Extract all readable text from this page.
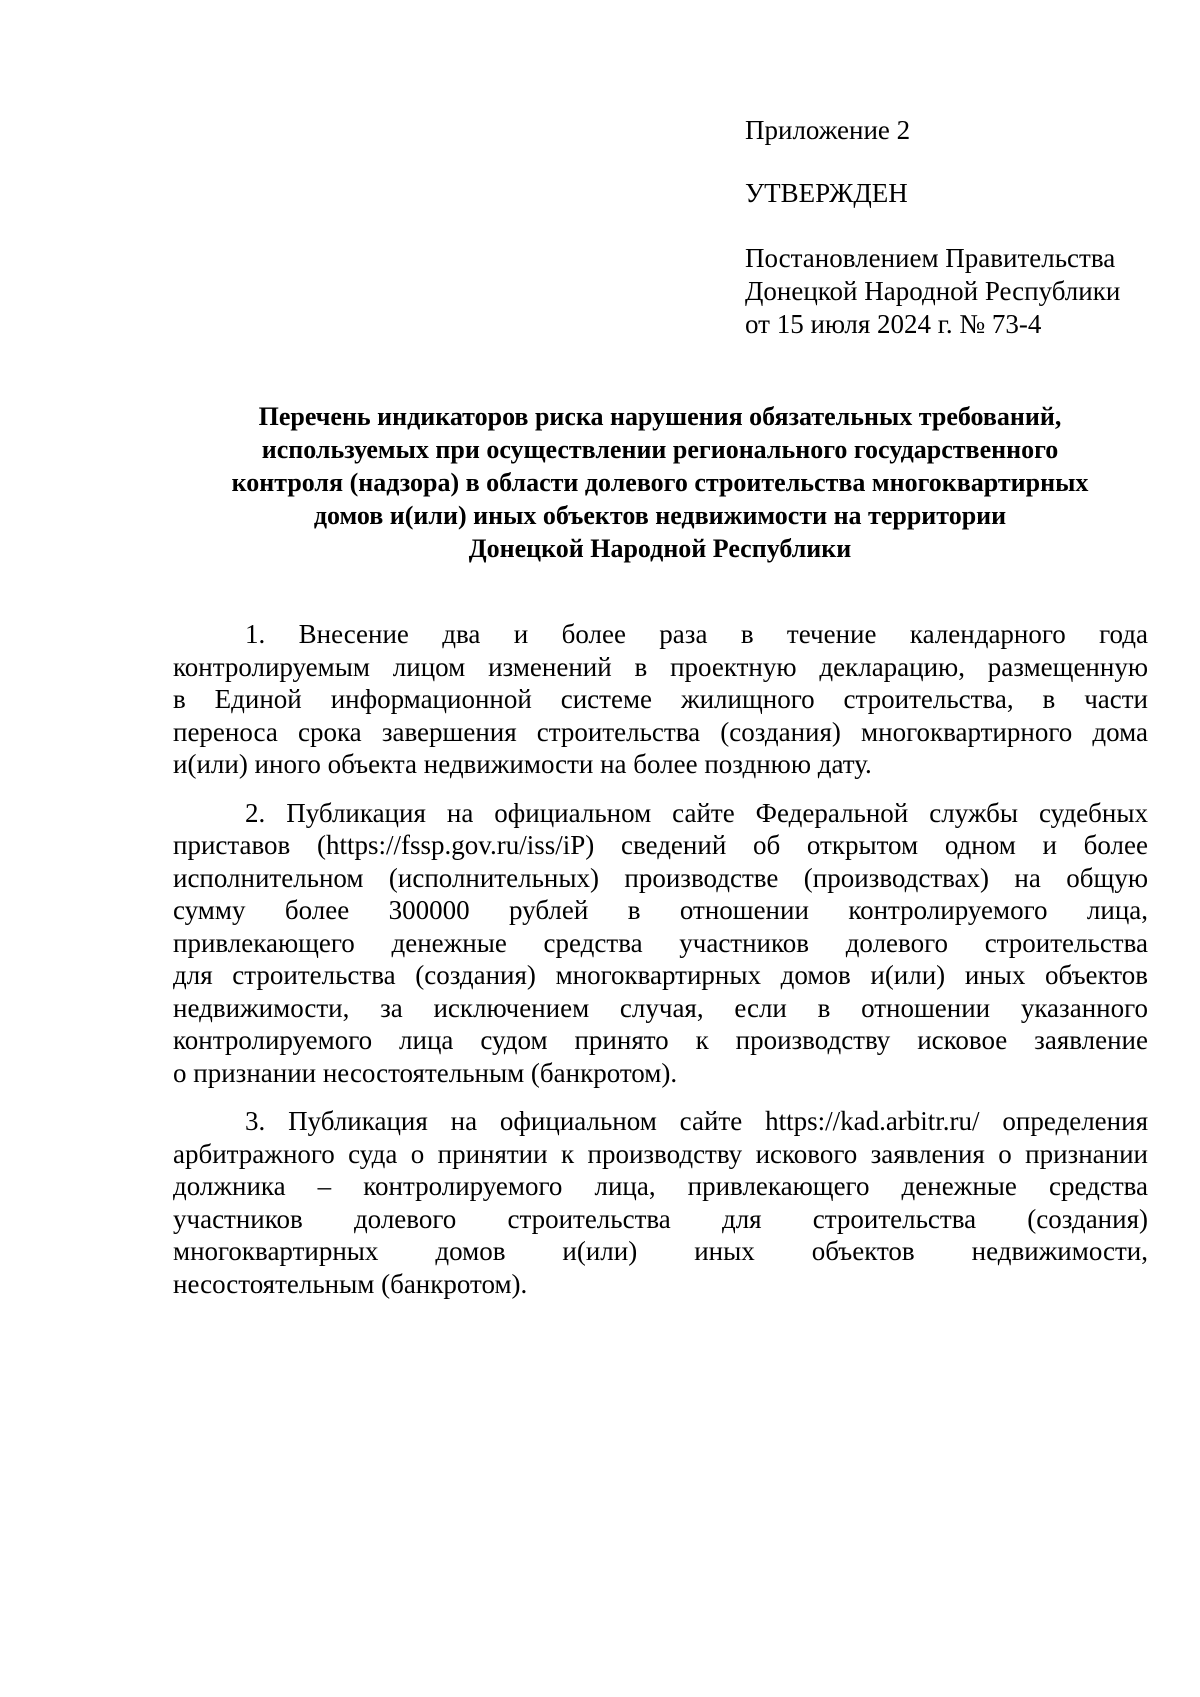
Приложение 2
УТВЕРЖДЕН
Постановлением Правительства
Донецкой Народной Республики
от 15 июля 2024 г. № 73-4
Перечень индикаторов риска нарушения обязательных требований,
используемых при осуществлении регионального государственного
контроля (надзора) в области долевого строительства многоквартирных
домов и(или) иных объектов недвижимости на территории
Донецкой Народной Республики
1. Внесение два и более раза в течение календарного года
контролируемым лицом изменений в проектную декларацию, размещенную
в Единой информационной системе жилищного строительства, в части
переноса срока завершения строительства (создания) многоквартирного дома
и(или) иного объекта недвижимости на более позднюю дату.
2. Публикация на официальном сайте Федеральной службы судебных
приставов (https://fssp.gov.ru/iss/iP) сведений об открытом одном и более
исполнительном (исполнительных) производстве (производствах) на общую
сумму более 300000 рублей в отношении контролируемого лица,
привлекающего денежные средства участников долевого строительства
для строительства (создания) многоквартирных домов и(или) иных объектов
недвижимости, за исключением случая, если в отношении указанного
контролируемого лица судом принято к производству исковое заявление
о признании несостоятельным (банкротом).
3. Публикация на официальном сайте https://kad.arbitr.ru/ определения
арбитражного суда о принятии к производству искового заявления о признании
должника – контролируемого лица, привлекающего денежные средства
участников долевого строительства для строительства (создания)
многоквартирных домов и(или) иных объектов недвижимости,
несостоятельным (банкротом).
